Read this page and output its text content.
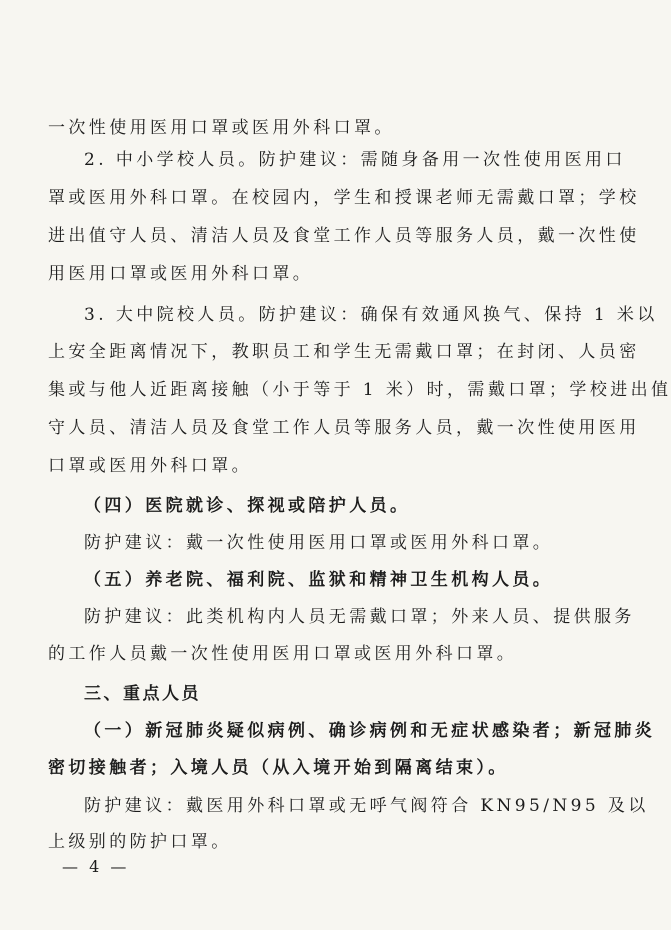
一次性使用医用口罩或医用外科口罩。
2. 中小学校人员。防护建议：需随身备用一次性使用医用口
罩或医用外科口罩。在校园内，学生和授课老师无需戴口罩；学校
进出值守人员、清洁人员及食堂工作人员等服务人员，戴一次性使
用医用口罩或医用外科口罩。
3. 大中院校人员。防护建议：确保有效通风换气、保持 1 米以
上安全距离情况下，教职员工和学生无需戴口罩；在封闭、人员密
集或与他人近距离接触（小于等于 1 米）时，需戴口罩；学校进出值
守人员、清洁人员及食堂工作人员等服务人员，戴一次性使用医用
口罩或医用外科口罩。
（四）医院就诊、探视或陪护人员。
防护建议：戴一次性使用医用口罩或医用外科口罩。
（五）养老院、福利院、监狱和精神卫生机构人员。
防护建议：此类机构内人员无需戴口罩；外来人员、提供服务
的工作人员戴一次性使用医用口罩或医用外科口罩。
三、重点人员
（一）新冠肺炎疑似病例、确诊病例和无症状感染者；新冠肺炎
密切接触者；入境人员（从入境开始到隔离结束）。
防护建议：戴医用外科口罩或无呼气阀符合 KN95/N95 及以
上级别的防护口罩。
— 4 —
